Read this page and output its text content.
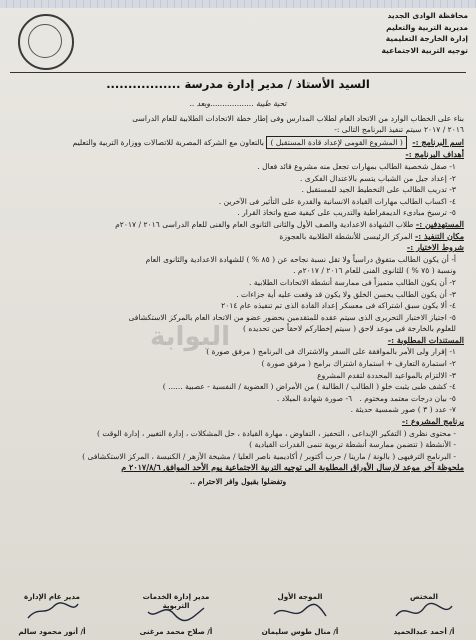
محافظة الوادى الجديد
مديرية التربية والتعليم
إدارة الخارجة التعليمية
توجيه التربية الاجتماعية
السيد الأستاذ / مدير إدارة مدرسة .................
البوابة
تحية طيبة ..................وبعد ..
بناء على الخطاب الوارد من الاتحاد العام لطلاب المدارس وفى إطار خطة الاتحادات الطلابية للعام الدراسى
٢٠١٦ / ٢٠١٧ سيتم تنفيذ البرنامج التالى :-
اسم البرنامج :- ( المشروع القومى لإعداد قادة المستقبل ) بالتعاون مع الشركة المصرية للاتصالات ووزارة التربية والتعليم
أهداف البرنامج :-
١- صقل شخصية الطالب بمهارات تجعل منه مشروع قائد فعال .
٢- إعداد جيل من الشباب يتسم بالاعتدال الفكرى .
٣- تدريب الطالب على التخطيط الجيد للمستقبل .
٤- اكساب الطالب مهارات القيادة الانسانية والقدرة على التأثير فى الآخرين .
٥- ترسيخ مبادىء الديمقراطية والتدريب على كيفية صنع واتخاذ القرار .
المستهدفين :- طلاب الشهادة الاعدادية والصف الأول والثانى الثانوى العام والفنى للعام الدراسى ٢٠١٦ / ٢٠١٧م
مكان التنفيذ :- المركز الرئيسى للأنشطة الطلابية بالعجوزة
شروط الاختيار :-
أ- أن يكون الطالب متفوق دراسياً ولا تقل نسبة نجاحه عن ( ٨٥ % ) للشهادة الاعدادية والثانوى العام
ونسبة ( ٧٥ % ) للثانوى الفنى للعام ٢٠١٦ / ٢٠١٧م .
٢- أن يكون الطالب متميزاً فى ممارسة أنشطة الاتحادات الطلابية .
٣- أن يكون الطالب يحسن الخلق ولا يكون قد وقعت عليه أية جزاءات .
٤- ألا يكون سبق اشتراكه فى معسكر إعداد القادة الذى تم تنفيذه عام ٢٠١٤
٥- اجتياز الاختبار التحريرى الذى سيتم عقده للمتقدمين بحضور عضو من الاتحاد العام بالمركز الاستكشافى
للعلوم بالخارجة فى موعد لاحق ( سيتم إخطاركم لاحقاً حين تحديده )
المستندات المطلوبة :-
١- إقرار ولى الأمر بالموافقة على السفر والاشتراك فى البرنامج ( مرفق صورة )
٢- استمارة التعارف + استمارة اشتراك برامج ( مرفق صورة )
٣- الالتزام بالمواعيد المحددة لتقدم المشروع
٤- كشف طبى يثبت خلو ( الطالب / الطالبة ) من الأمراض ( العضوية / النفسية - عصبية ...... )
٥- بيان درجات معتمد ومختوم .   ٦- صورة شهادة الميلاد .
٧- عدد ( ٣ ) صور شمسية حديثة .
برنامج المشروع :-
- محتوى نظرى ( التفكير الإبداعى ، التحفيز ، التفاوض ، مهارة القيادة ، حل المشكلات ، إدارة التغيير ، إدارة الوقت )
- الأنشطة ( تتضمن ممارسة أنشطة تربوية تنمى القدرات القيادية )
- البرنامج الترفيهى ( بالونة / مارينا / حرب أكتوبر / أكاديمية ناصر العليا / مشيخة الأزهر / الكنيسة ، المركز الاستكشافى )
ملحوظة آخر موعد لارسال الأوراق المطلوبة الى توجيه التربية الاجتماعية يوم الأحد الموافق ٢٠١٧/٨/٦ م
وتفضلوا بقبول وافر الاحترام ..
المختص
أ/ أحمد عبدالحميد
الموجه الأول
أ/ منال طوس سليمان
مدير إدارة الخدمات التربوية
أ/ صلاح محمد مرغنى
مدير عام الإدارة
أ/ أنور محمود سالم
